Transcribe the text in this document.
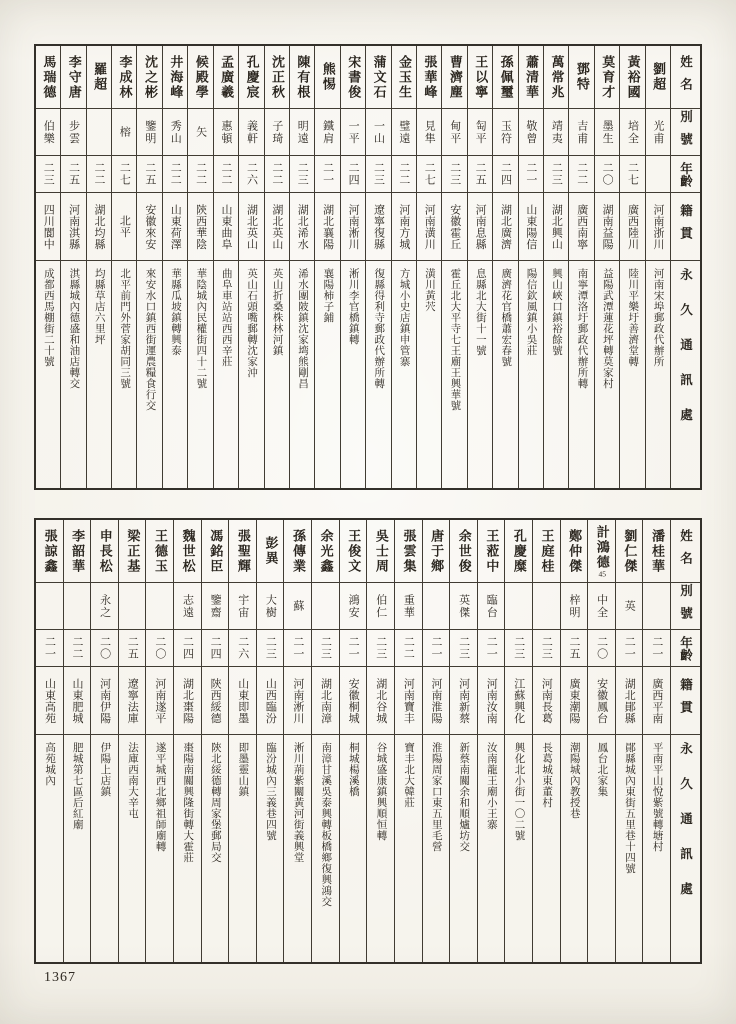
姓名
別號
年齡
籍貫
永久通訊處
劉超
光甫
河南浙川
河南宋埠郵政代辦所
黃裕國
培全
二七
廣西陸川
陸川平樂圩善濟堂轉
莫育才
墨生
二〇
湖南益陽
益陽武潭蓮花坪轉莫家村
鄧特
吉甫
二二
廣西南寧
南寧潭洛圩郵政代辦所轉
萬常兆
靖夷
二三
湖北興山
興山峽口鎮裕餘號
蕭清華
敬曾
二一
山東陽信
陽信欽風鎮小吳莊
孫佩璽
玉符
二四
湖北廣濟
廣濟花官橋蕭宏春號
王以寧
匋平
二五
河南息縣
息縣北大街十一號
曹濟塵
甸平
二三
安徽霍丘
霍丘北大平寺七王廟王興華號
張華峰
見隼
二七
河南潢川
潢川黃茓
金玉生
璧遠
二二
河南方城
方城小史店鎮申管寨
蒲文石
一山
二三
遼寧復縣
復縣得利寺郵政代辦所轉
宋書俊
一平
二四
河南淅川
淅川李官橋鎮轉
熊惕
鐵肩
二一
湖北襄陽
襄陽柿子鋪
陳有根
明遠
二三
湖北浠水
浠水團陂鎮沈家塆熊剛昌
沈正秋
子琦
二二
湖北英山
英山折桑株林河鎮
孔慶宸
義軒
二六
湖北英山
英山石頭嘴郵轉沈家沖
孟廣羲
惠頓
二二
山東曲阜
曲阜車站站西西辛莊
候殿學
矢
二二
陝西華陰
華陰城內民權街四十二號
井海峰
秀山
二二
山東荷澤
華縣瓜坡鎮轉興泰
沈之彬
鑒明
二五
安徽來安
來安水口鎮西街運農糧食行交
李成林
榕
二七
北平
北平前門外菅家胡同三號
羅超
二二
湖北均縣
均縣草店六里坪
李守唐
步雲
二五
河南淇縣
淇縣城內德盛和油店轉交
馬瑞德
伯樂
二三
四川閬中
成都西馬棚街二十號
姓名
別號
年齡
籍貫
永久通訊處
潘桂華
二一
廣西平南
平南平山悅紫號轉塘村
劉仁傑
英
二一
湖北鄖縣
鄖縣城內東街五里巷十四號
計鴻德45
中全
二〇
安徽鳳台
鳳台北家集
鄭仲傑
梓明
二五
廣東潮陽
潮陽城內教授巷
王庭桂
二三
河南長葛
長葛城東董村
孔慶糜
二三
江蘇興化
興化北小街一〇二號
王蒞中
臨台
二一
河南汝南
汝南龍王廟小王寨
余世俊
英傑
二三
河南新蔡
新蔡南關余和順爐坊交
唐于鄉
二一
河南淮陽
淮陽周家口東五里毛營
張雲集
重華
二二
河南寶丰
寶丰北大韓莊
吳士周
伯仁
二三
湖北谷城
谷城盛康鎮興順恒轉
王俊文
鴻安
二一
安徽桐城
桐城楊溪橋
余光鑫
二三
湖北南漳
南漳甘溪吳泰興轉板橋鄉復興鴻交
孫傳業
蘇
二一
河南淅川
淅川荊紫關黃河街義興堂
彭異
大樹
二三
山西臨汾
臨汾城內三義巷四號
張聖輝
宇宙
二六
山東即墨
即墨靈山鎮
馮銘臣
鑒齋
二四
陝西綏德
陝北綏德轉周家堡郵局交
魏世松
志遠
二四
湖北棗陽
棗陽南關興隆街轉大霍莊
王德玉
二〇
河南遂平
遂平城西北鄉祖師廟轉
梁正基
二五
遼寧法庫
法庫西南大辛屯
申長松
永之
二〇
河南伊陽
伊陽上店鎮
李韶華
二二
山東肥城
肥城第七區后紅廟
張諒鑫
二一
山東高苑
高苑城內
1367
